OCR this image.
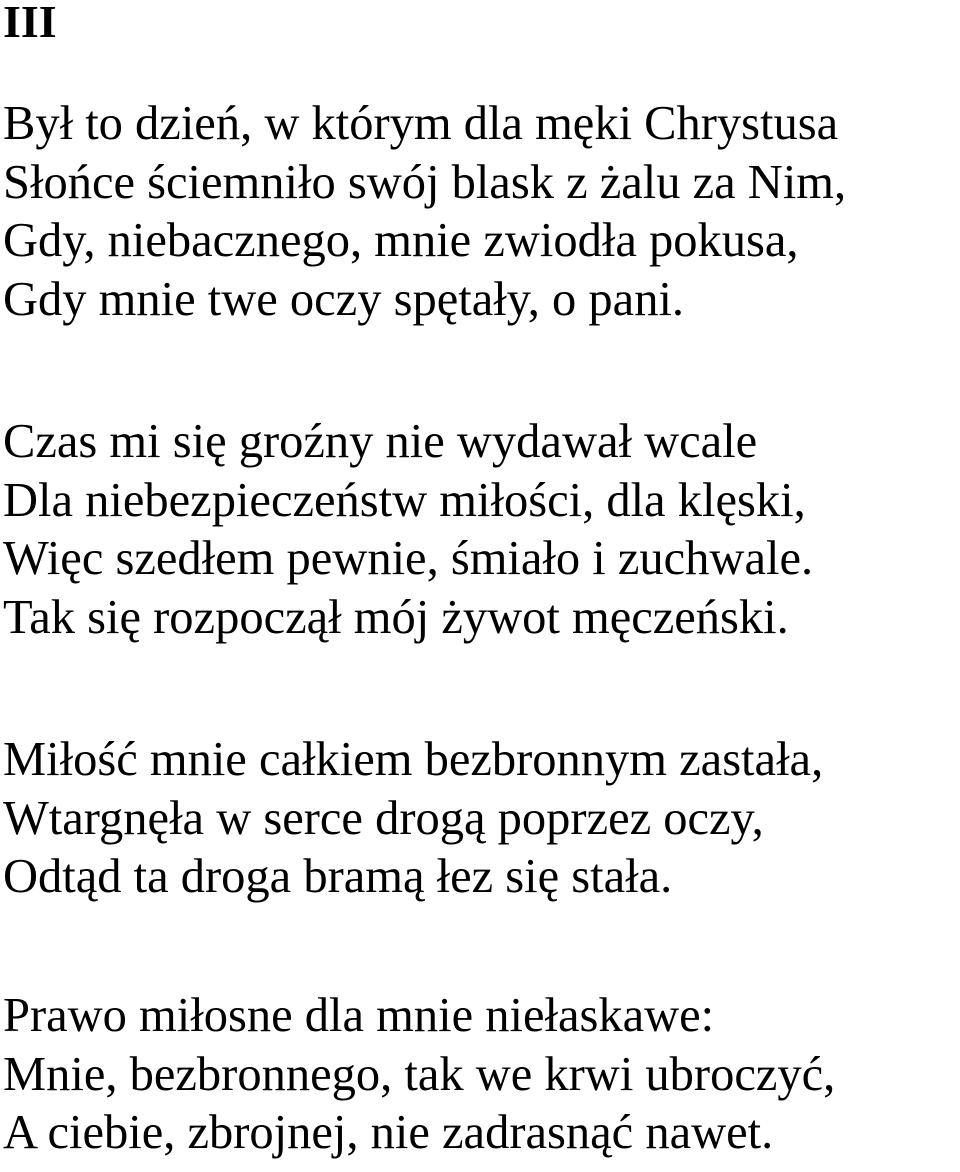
III
Był to dzień, w którym dla męki Chrystusa
Słońce ściemniło swój blask z żalu za Nim,
Gdy, niebacznego, mnie zwiodła pokusa,
Gdy mnie twe oczy spętały, o pani.
Czas mi się groźny nie wydawał wcale
Dla niebezpieczeństw miłości, dla klęski,
Więc szedłem pewnie, śmiało i zuchwale.
Tak się rozpoczął mój żywot męczeński.
Miłość mnie całkiem bezbronnym zastała,
Wtargnęła w serce drogą poprzez oczy,
Odtąd ta droga bramą łez się stała.
Prawo miłosne dla mnie niełaskawe:
Mnie, bezbronnego, tak we krwi ubroczyć,
A ciebie, zbrojnej, nie zadrasnąć nawet.
